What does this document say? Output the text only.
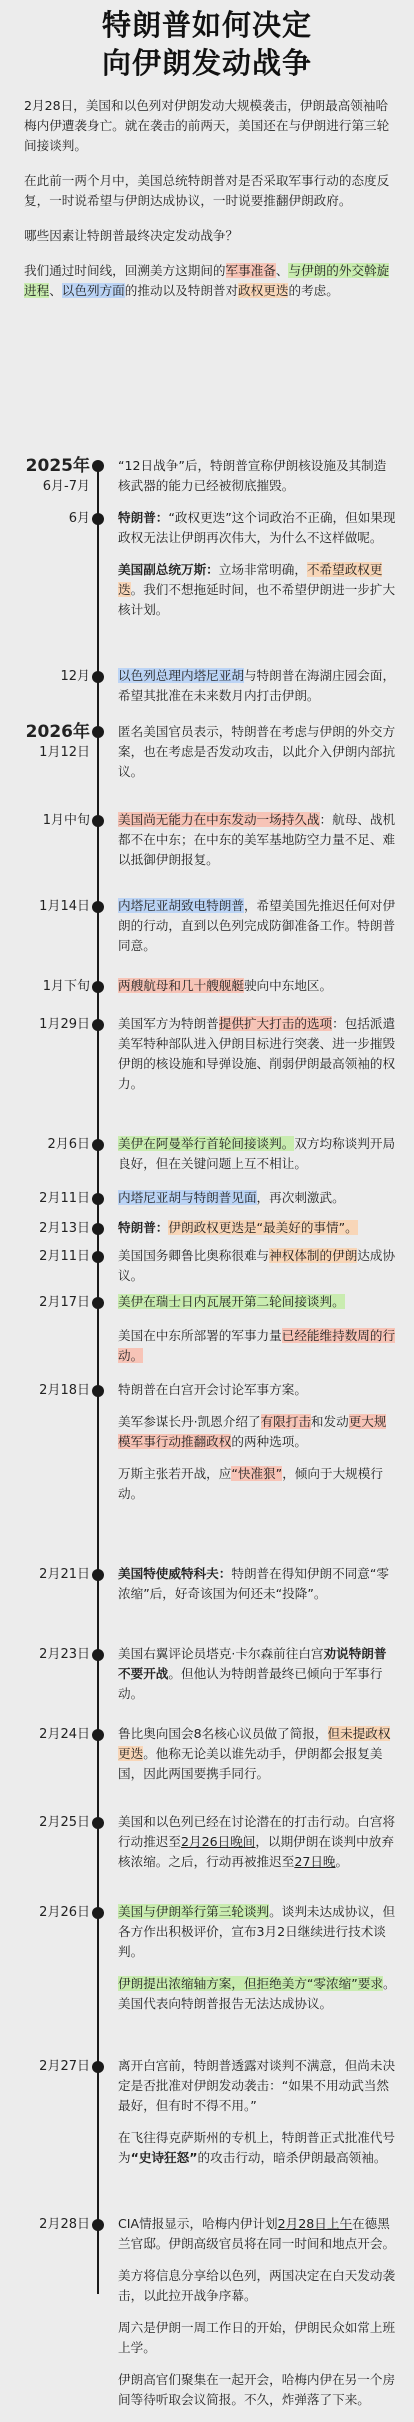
特朗普如何决定
向伊朗发动战争

2月28日，美国和以色列对伊朗发动大规模袭击，伊朗最高领袖哈梅内伊遭袭身亡。就在袭击的前两天，美国还在与伊朗进行第三轮间接谈判。

在此前一两个月中，美国总统特朗普对是否采取军事行动的态度反复，一时说希望与伊朗达成协议，一时说要推翻伊朗政府。

哪些因素让特朗普最终决定发动战争？

我们通过时间线，回溯美方这期间的军事准备、与伊朗的外交斡旋进程、以色列方面的推动以及特朗普对政权更迭的考虑。

2025年
6月-7月
“12日战争”后，特朗普宣称伊朗核设施及其制造核武器的能力已经被彻底摧毁。
6月 特朗普：“政权更迭”这个词政治不正确，但如果现政权无法让伊朗再次伟大，为什么不这样做呢。

美国副总统万斯：立场非常明确，不希望政权更迭。我们不想拖延时间，也不希望伊朗进一步扩大核计划。

12月 以色列总理内塔尼亚胡与特朗普在海湖庄园会面，希望其批准在未来数月内打击伊朗。
2026年
1月12日
匿名美国官员表示，特朗普在考虑与伊朗的外交方案，也在考虑是否发动攻击，以此介入伊朗内部抗议。
1月中旬 美国尚无能力在中东发动一场持久战：航母、战机都不在中东；在中东的美军基地防空力量不足、难以抵御伊朗报复。
1月14日 内塔尼亚胡致电特朗普，希望美国先推迟任何对伊朗的行动，直到以色列完成防御准备工作。特朗普同意。
1月下旬 两艘航母和几十艘舰艇驶向中东地区。
1月29日 美国军方为特朗普提供扩大打击的选项：包括派遣美军特种部队进入伊朗目标进行突袭、进一步摧毁伊朗的核设施和导弹设施、削弱伊朗最高领袖的权力。
2月6日 美伊在阿曼举行首轮间接谈判。双方均称谈判开局良好，但在关键问题上互不相让。
2月11日 内塔尼亚胡与特朗普见面，再次刺激武。
2月13日 特朗普：伊朗政权更迭是“最美好的事情”。
2月11日 美国国务卿鲁比奥称很难与神权体制的伊朗达成协议。
2月17日 美伊在瑞士日内瓦展开第二轮间接谈判。
美国在中东所部署的军事力量已经能维持数周的行动。
2月18日 特朗普在白宫开会讨论军事方案。

美军参谋长丹·凯恩介绍了有限打击和发动更大规模军事行动推翻政权的两种选项。

万斯主张若开战，应“快准狠”，倾向于大规模行动。

2月21日 美国特使威特科夫：特朗普在得知伊朗不同意“零浓缩”后，好奇该国为何还未“投降”。
2月23日 美国右翼评论员塔克·卡尔森前往白宫劝说特朗普不要开战。但他认为特朗普最终已倾向于军事行动。
2月24日 鲁比奥向国会8名核心议员做了简报，但未提政权更迭。他称无论美以谁先动手，伊朗都会报复美国，因此两国要携手同行。
2月25日 美国和以色列已经在讨论潜在的打击行动。白宫将行动推迟至2月26日晚间，以期伊朗在谈判中放弃核浓缩。之后，行动再被推迟至27日晚。
2月26日 美国与伊朗举行第三轮谈判。谈判未达成协议，但各方作出积极评价，宣布3月2日继续进行技术谈判。

伊朗提出浓缩轴方案，但拒绝美方“零浓缩”要求。美国代表向特朗普报告无法达成协议。

2月27日 离开白宫前，特朗普透露对谈判不满意，但尚未决定是否批准对伊朗发动袭击：“如果不用动武当然最好，但有时不得不用。”

在飞往得克萨斯州的专机上，特朗普正式批准代号为“史诗狂怒”的攻击行动，暗杀伊朗最高领袖。

2月28日 CIA情报显示，哈梅内伊计划2月28日上午在德黑兰官邸。伊朗高级官员将在同一时间和地点开会。

美方将信息分享给以色列，两国决定在白天发动袭击，以此拉开战争序幕。

周六是伊朗一周工作日的开始，伊朗民众如常上班上学。

伊朗高官们聚集在一起开会，哈梅内伊在另一个房间等待听取会议简报。不久，炸弹落了下来。
